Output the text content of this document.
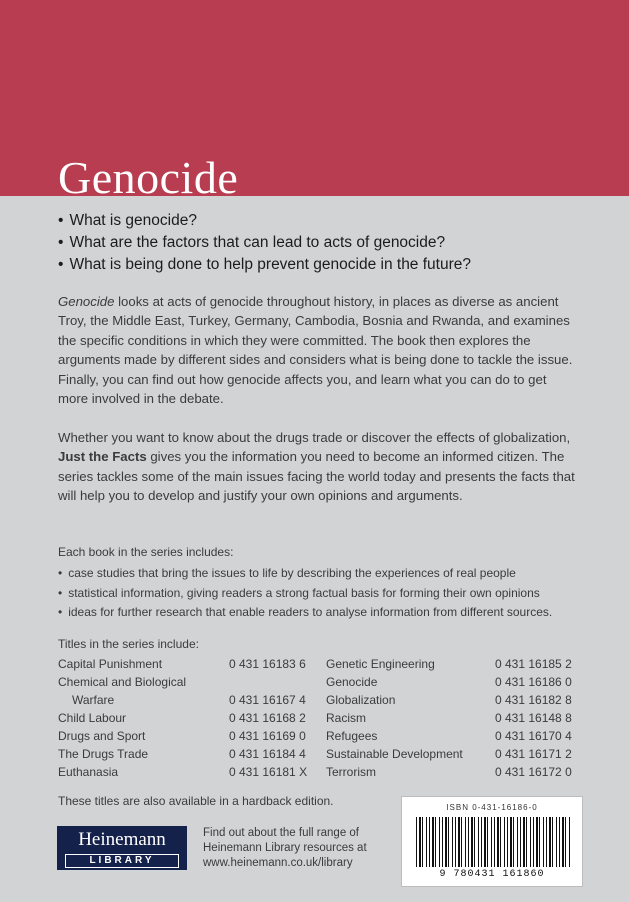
Genocide
• What is genocide?
• What are the factors that can lead to acts of genocide?
• What is being done to help prevent genocide in the future?

Genocide looks at acts of genocide throughout history, in places as diverse as ancient Troy, the Middle East, Turkey, Germany, Cambodia, Bosnia and Rwanda, and examines the specific conditions in which they were committed. The book then explores the arguments made by different sides and considers what is being done to tackle the issue. Finally, you can find out how genocide affects you, and learn what you can do to get more involved in the debate.

Whether you want to know about the drugs trade or discover the effects of globalization, Just the Facts gives you the information you need to become an informed citizen. The series tackles some of the main issues facing the world today and presents the facts that will help you to develop and justify your own opinions and arguments.

Each book in the series includes:

• case studies that bring the issues to life by describing the experiences of real people
• statistical information, giving readers a strong factual basis for forming their own opinions
• ideas for further research that enable readers to analyse information from different sources.

Titles in the series include:

Capital Punishment	0 431 16183 6
Chemical and Biological
Warfare	0 431 16167 4
Child Labour	0 431 16168 2
Drugs and Sport	0 431 16169 0
The Drugs Trade	0 431 16184 4
Euthanasia	0 431 16181 X
Genetic Engineering	0 431 16185 2
Genocide	0 431 16186 0
Globalization	0 431 16182 8
Racism	0 431 16148 8
Refugees	0 431 16170 4
Sustainable Development	0 431 16171 2
Terrorism	0 431 16172 0

These titles are also available in a hardback edition.

Heinemann
LIBRARY

Find out about the full range of
Heinemann Library resources at
www.heinemann.co.uk/library

ISBN 0-431-16186-0

9 780431 161860
